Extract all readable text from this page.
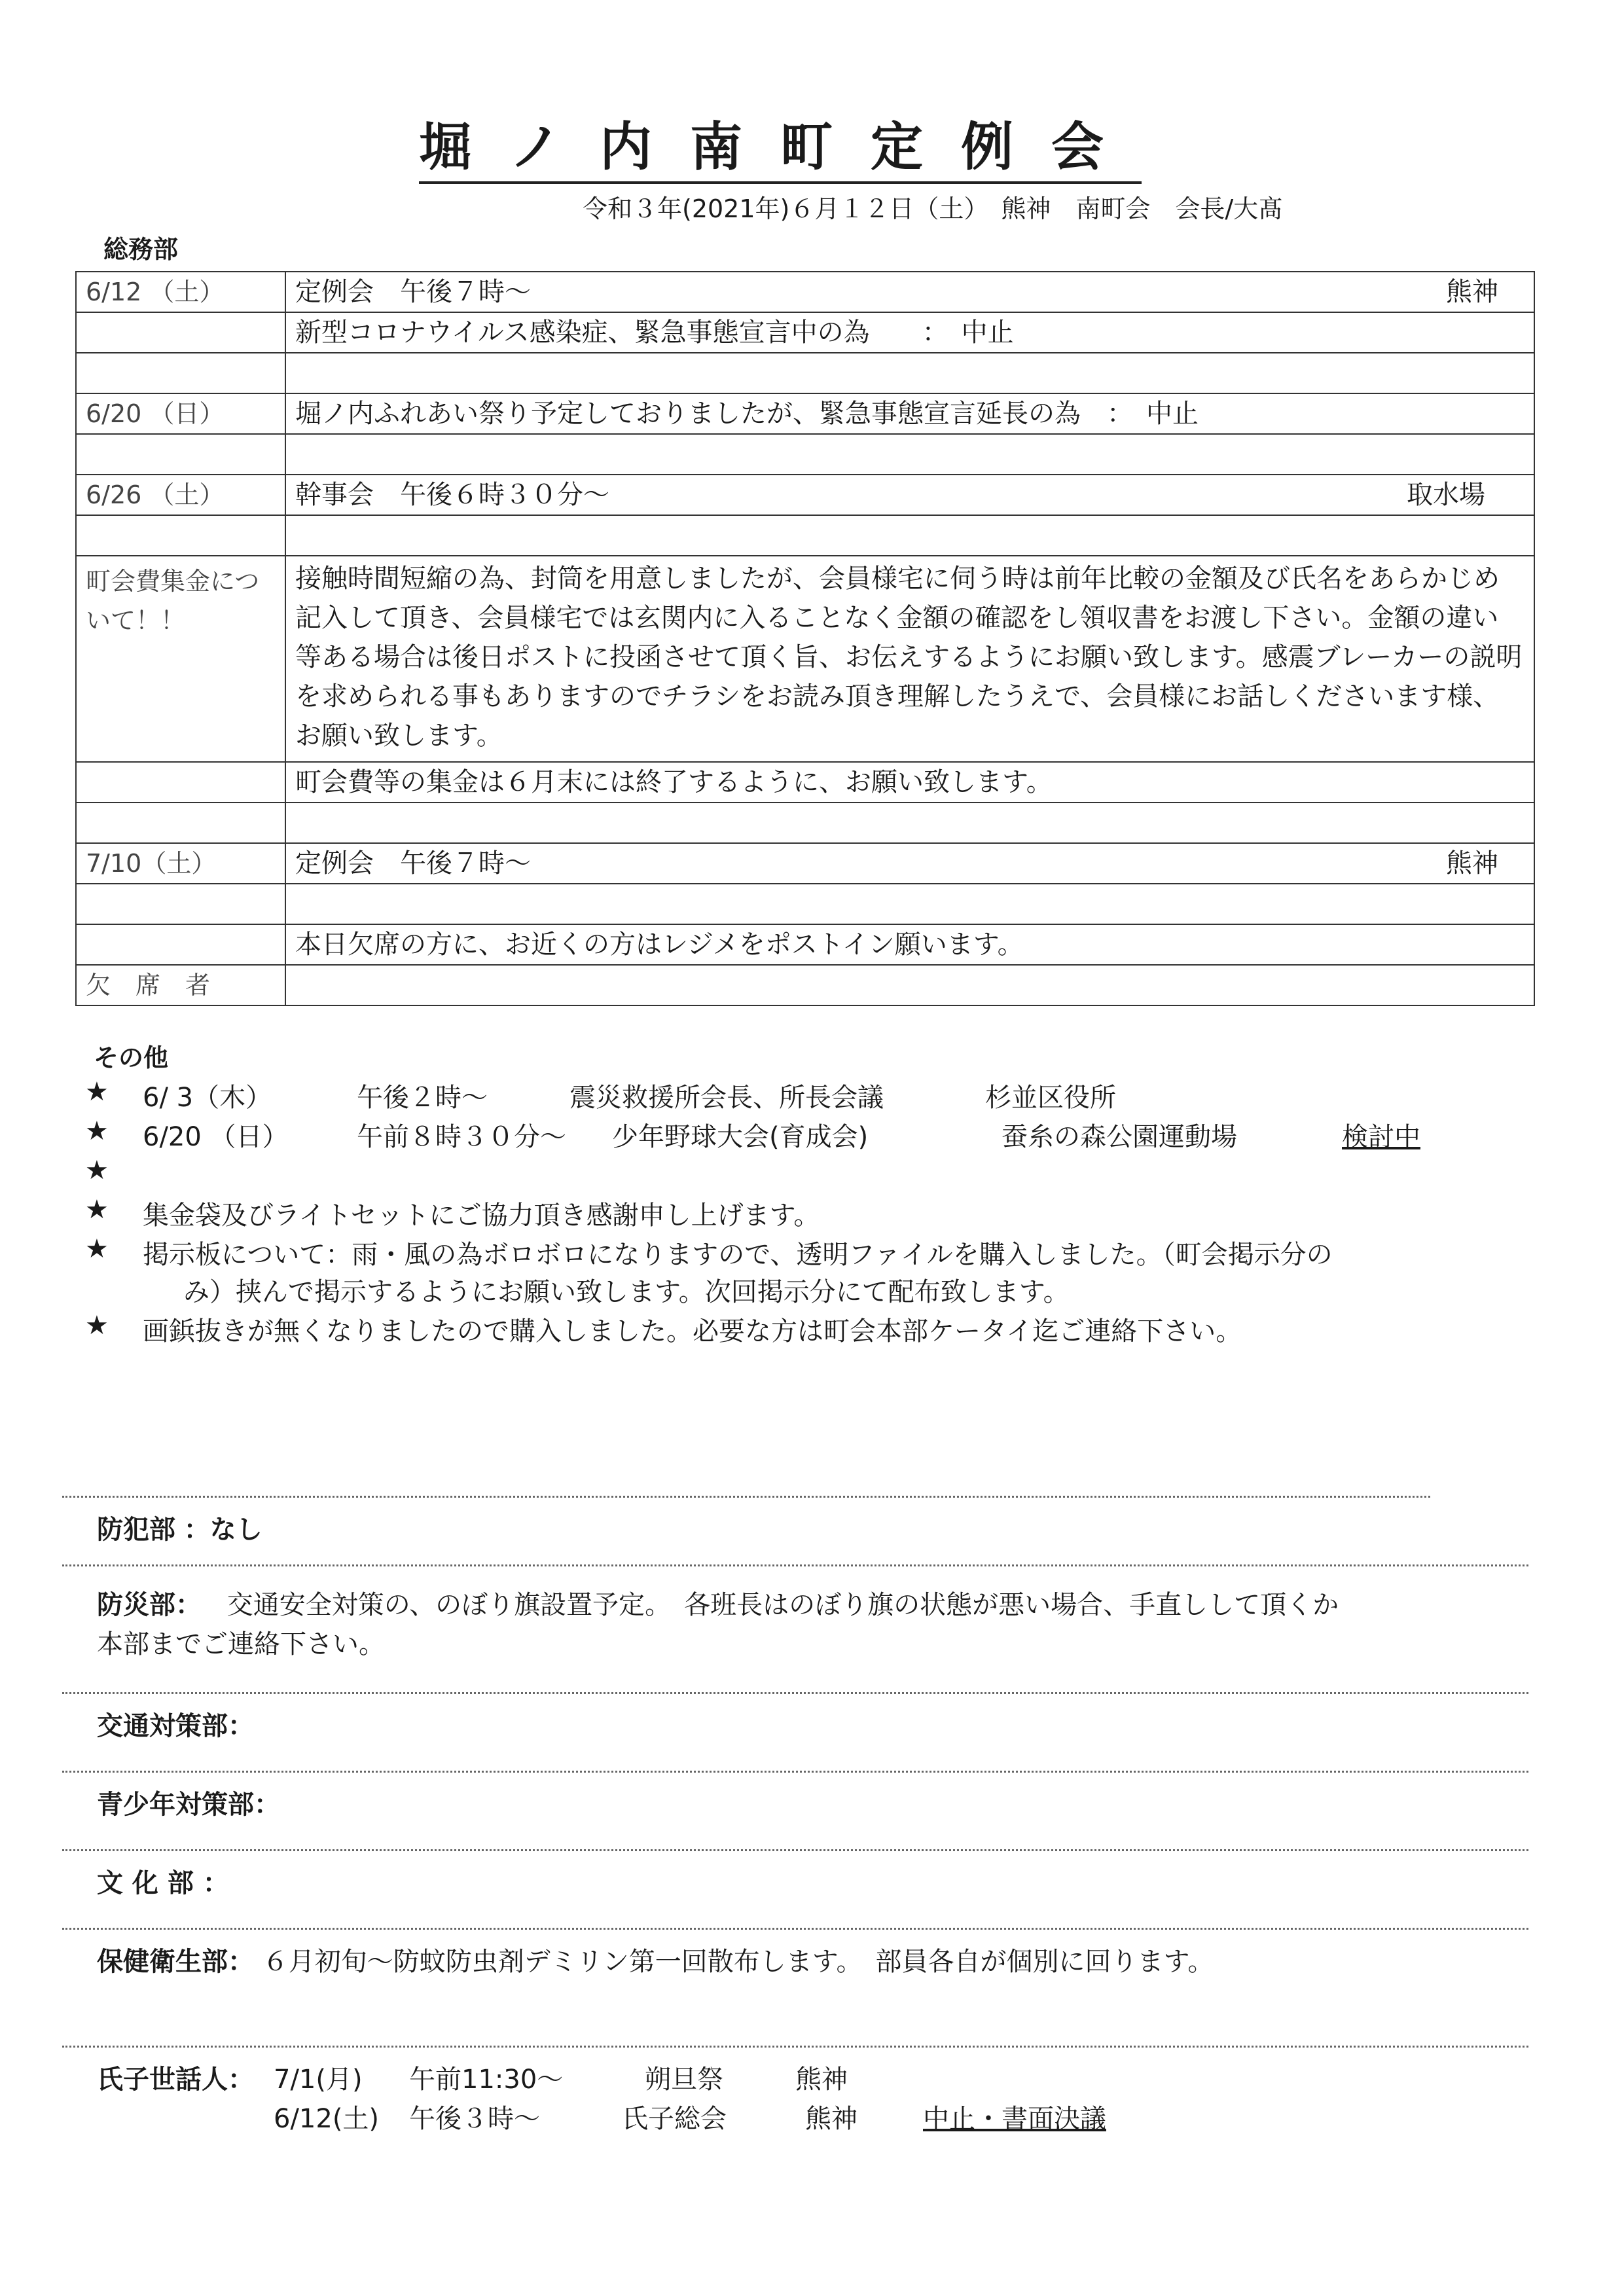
堀ノ内南町定例会
令和３年(2021年)６月１２日（土）　熊神　南町会　会長/大髙
総務部
6/12 （土）	定例会　午後７時〜 熊神

	新型コロナウイルス感染症、緊急事態宣言中の為　　：　中止

6/20 （日）	堀ノ内ふれあい祭り予定しておりましたが、緊急事態宣言延長の為　：　中止

6/26 （土）	幹事会　午後６時３０分〜 取水場

町会費集金について！！	接触時間短縮の為、封筒を用意しましたが、会員様宅に伺う時は前年比較の金額及び氏名をあらかじめ記入して頂き、会員様宅では玄関内に入ることなく金額の確認をし領収書をお渡し下さい。金額の違い等ある場合は後日ポストに投函させて頂く旨、お伝えするようにお願い致します。感震ブレーカーの説明を求められる事もありますのでチラシをお読み頂き理解したうえで、会員様にお話しくださいます様、お願い致します。
	町会費等の集金は６月末には終了するように、お願い致します。

7/10（土）	定例会　午後７時〜 熊神

	本日欠席の方に、お近くの方はレジメをポストイン願います。
欠　席　者	
その他
★ 6/ 3（木）	午後２時〜	震災救援所会長、所長会議	杉並区役所
★ 6/20 （日）	午前８時３０分〜 少年野球大会(育成会)	蚕糸の森公園運動場	検討中
★
★ 集金袋及びライトセットにご協力頂き感謝申し上げます。
★ 掲示板について：雨・風の為ボロボロになりますので、透明ファイルを購入しました。（町会掲示分の
み）挟んで掲示するようにお願い致します。次回掲示分にて配布致します。
★ 画鋲抜きが無くなりましたので購入しました。必要な方は町会本部ケータイ迄ご連絡下さい。
防犯部 ：なし
防災部： 交通安全対策の、のぼり旗設置予定。　各班長はのぼり旗の状態が悪い場合、手直しして頂くか
本部までご連絡下さい。
交通対策部：
青少年対策部：
文 化 部 ：
保健衛生部： ６月初旬〜防蚊防虫剤デミリン第一回散布します。　部員各自が個別に回ります。
氏子世話人： 7/1(月) 午前11:30〜	朔旦祭	熊神
6/12(土) 午後３時〜	氏子総会	熊神	中止・書面決議
